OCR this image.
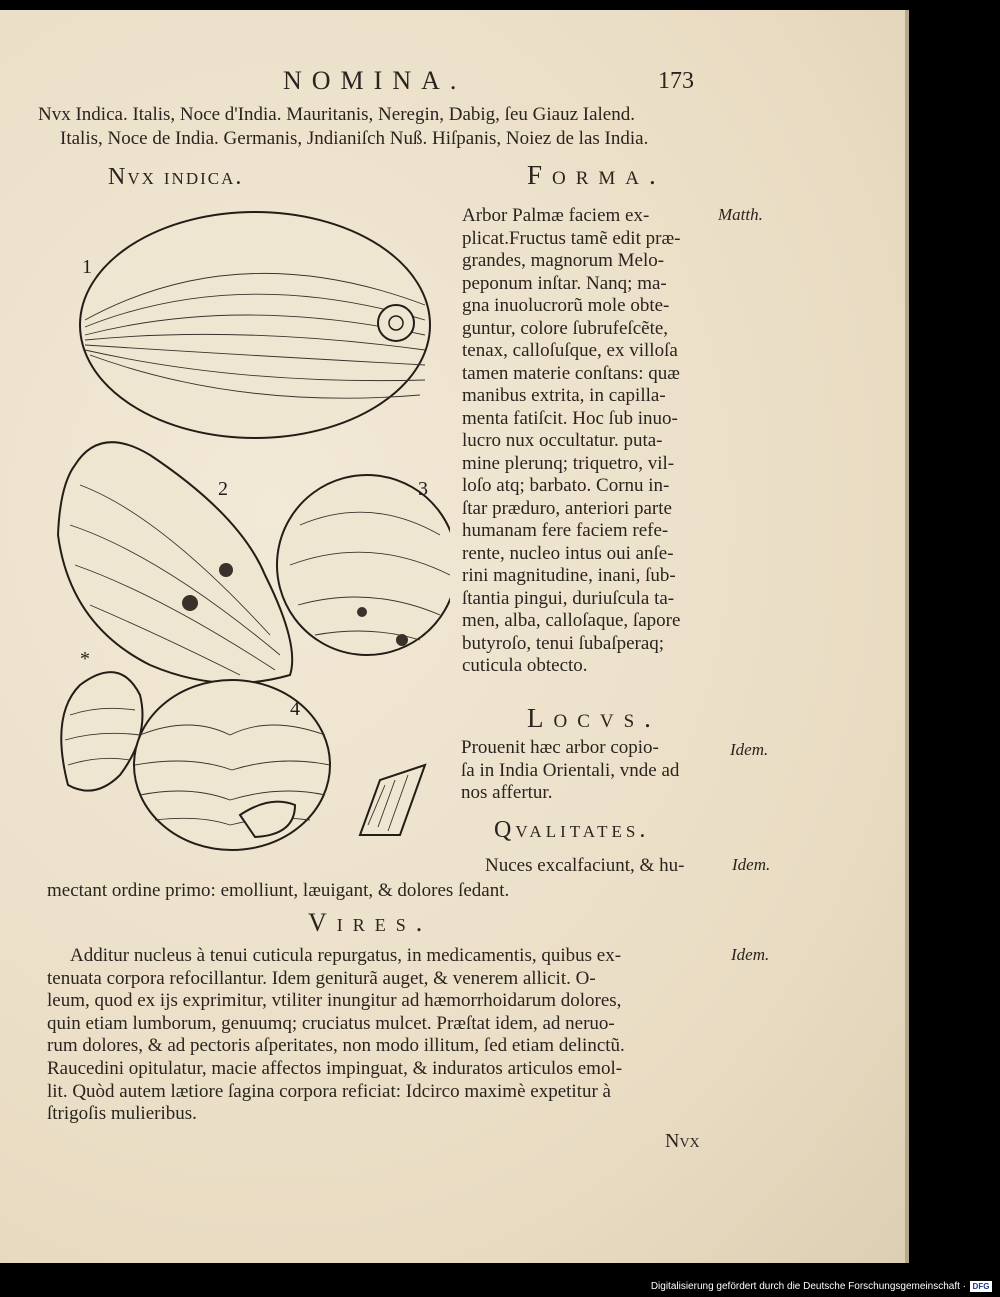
NOMINA.	173
Nvx Indica. Italis, Noce d'India. Mauritanis, Neregin, Dabig, ſeu Giauz Ialend.
Italis, Noce de India. Germanis, Jndianiſch Nuß. Hiſpanis, Noiez de las India.
Nvx indica.
1
2	3
4
*
Forma.
Matth.
Arbor Palmæ faciem ex-
plicat.Fructus tamẽ edit præ-
grandes, magnorum Melo-
peponum inſtar. Nanq; ma-
gna inuolucrorũ mole obte-
guntur, colore ſubrufeſcẽte,
tenax, calloſuſque, ex villoſa
tamen materie conſtans: quæ
manibus extrita, in capilla-
menta fatiſcit. Hoc ſub inuo-
lucro nux occultatur. puta-
mine plerunq; triquetro, vil-
loſo atq; barbato. Cornu in-
ſtar præduro, anteriori parte
humanam fere faciem refe-
rente, nucleo intus oui anſe-
rini magnitudine, inani, ſub-
ſtantia pingui, duriuſcula ta-
men, alba, calloſaque, ſapore
butyroſo, tenui ſubaſperaq;
cuticula obtecto.
Locvs.
Idem.
Prouenit hæc arbor copio-
ſa in India Orientali, vnde ad
nos affertur.
Qvalitates.
Nuces excalfaciunt, & hu-	Idem.
mectant ordine primo: emolliunt, læuigant, & dolores ſedant.
Vires.
Idem.
Additur nucleus à tenui cuticula repurgatus, in medicamentis, quibus ex-
tenuata corpora refocillantur. Idem geniturã auget, & venerem allicit. O-
leum, quod ex ijs exprimitur, vtiliter inungitur ad hæmorrhoidarum dolores,
quin etiam lumborum, genuumq; cruciatus mulcet. Præſtat idem, ad neruo-
rum dolores, & ad pectoris aſperitates, non modo illitum, ſed etiam delinctũ.
Raucedini opitulatur, macie affectos impinguat, & induratos articulos emol-
lit. Quòd autem lætiore ſagina corpora reficiat: Idcirco maximè expetitur à
ſtrigoſis mulieribus.
Nvx
Digitalisierung gefördert durch die Deutsche Forschungsgemeinschaft · DFG
